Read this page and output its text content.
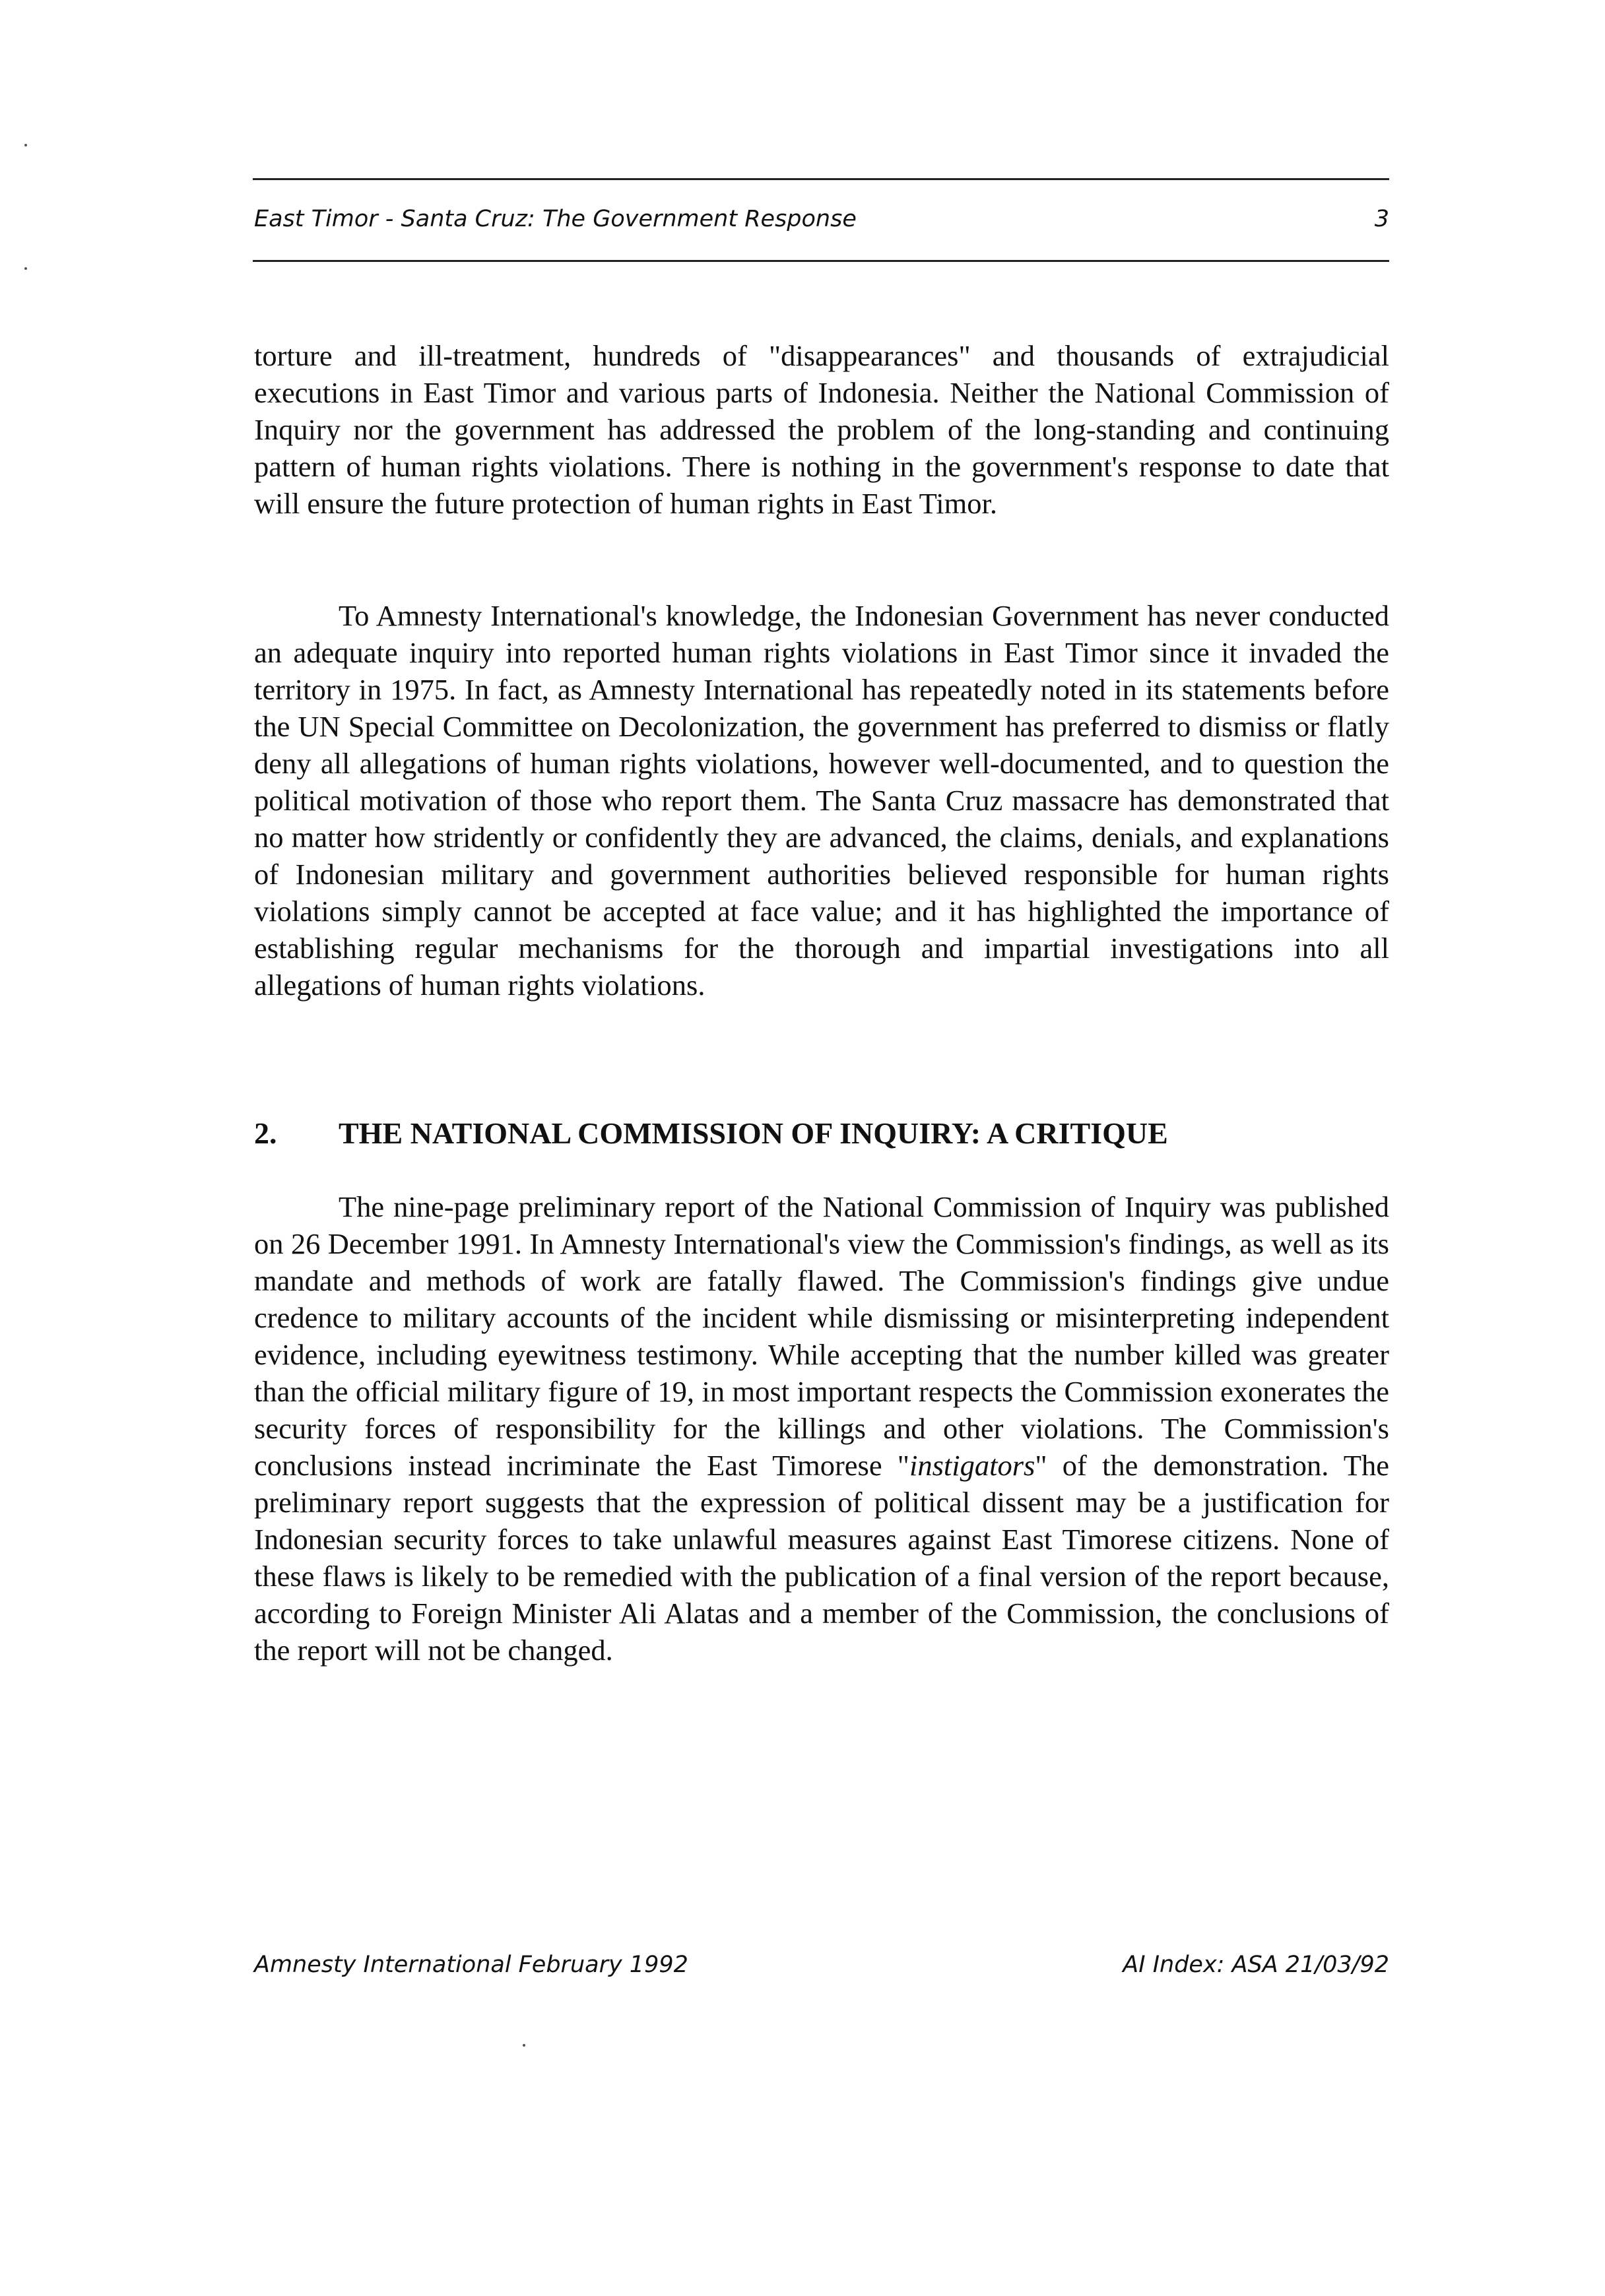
East Timor - Santa Cruz: The Government Response	3

torture and ill-treatment, hundreds of "disappearances" and thousands of extrajudicial executions in East Timor and various parts of Indonesia. Neither the National Commission of Inquiry nor the government has addressed the problem of the long-standing and continuing pattern of human rights violations. There is nothing in the government's response to date that will ensure the future protection of human rights in East Timor.

To Amnesty International's knowledge, the Indonesian Government has never conducted an adequate inquiry into reported human rights violations in East Timor since it invaded the territory in 1975. In fact, as Amnesty International has repeatedly noted in its statements before the UN Special Committee on Decolonization, the government has preferred to dismiss or flatly deny all allegations of human rights violations, however well-documented, and to question the political motivation of those who report them. The Santa Cruz massacre has demonstrated that no matter how stridently or confidently they are advanced, the claims, denials, and explanations of Indonesian military and government authorities believed responsible for human rights violations simply cannot be accepted at face value; and it has highlighted the importance of establishing regular mechanisms for the thorough and impartial investigations into all allegations of human rights violations.

2. THE NATIONAL COMMISSION OF INQUIRY: A CRITIQUE

The nine-page preliminary report of the National Commission of Inquiry was published on 26 December 1991. In Amnesty International's view the Commission's findings, as well as its mandate and methods of work are fatally flawed. The Commission's findings give undue credence to military accounts of the incident while dismissing or misinterpreting independent evidence, including eyewitness testimony. While accepting that the number killed was greater than the official military figure of 19, in most important respects the Commission exonerates the security forces of responsibility for the killings and other violations. The Commission's conclusions instead incriminate the East Timorese "instigators" of the demonstration. The preliminary report suggests that the expression of political dissent may be a justification for Indonesian security forces to take unlawful measures against East Timorese citizens. None of these flaws is likely to be remedied with the publication of a final version of the report because, according to Foreign Minister Ali Alatas and a member of the Commission, the conclusions of the report will not be changed.

Amnesty International February 1992	AI Index: ASA 21/03/92
